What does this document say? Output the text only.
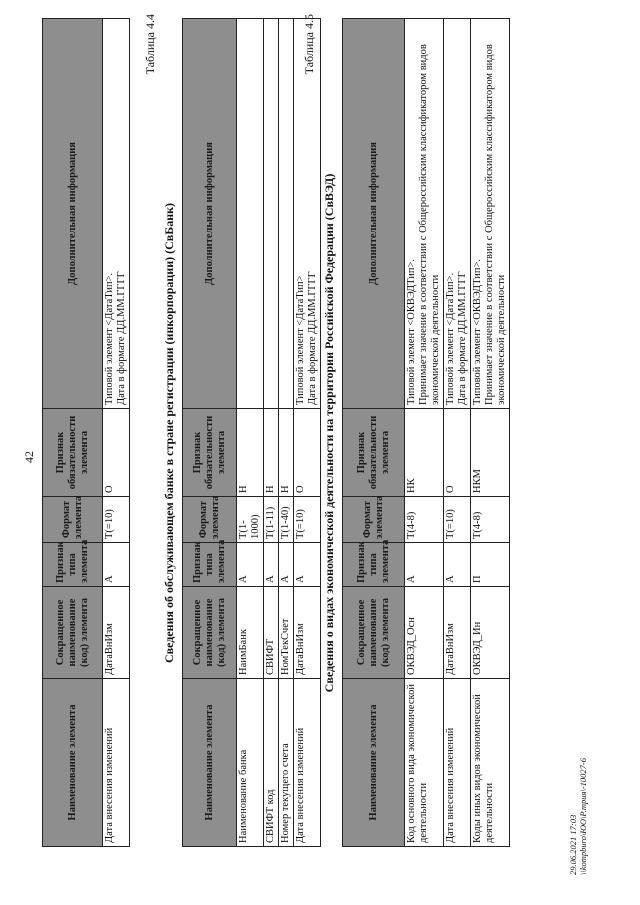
42
Наименование элемента	Сокращенное наименование (код) элемента	Признак типа элемента	Формат элемента	Признак обязательности элемента	Дополнительная информация
Дата внесения изменений	ДатаВнИзм	А	T(=10)	О	Типовой элемент <ДатаТип>.
Дата в формате ДД.ММ.ГГГГ
Таблица 4.4
Сведения об обслуживающем банке в стране регистрации (инкорпорации) (СвБанк)
Наименование элемента	Сокращенное наименование (код) элемента	Признак типа элемента	Формат элемента	Признак обязательности элемента	Дополнительная информация
Наименование банка	НаимБанк	А	T(1-1000)	Н	
СВИФТ код	СВИФТ	А	T(1-11)	Н	
Номер текущего счета	НомТекСчет	А	T(1-40)	Н	
Дата внесения изменений	ДатаВнИзм	А	T(=10)	О	Типовой элемент <ДатаТип>
Дата в формате ДД.ММ.ГГГГ
Таблица 4.5
Сведения о видах экономической деятельности на территории Российской Федерации (СвВЭД)
Наименование элемента	Сокращенное наименование (код) элемента	Признак типа элемента	Формат элемента	Признак обязательности элемента	Дополнительная информация
Код основного вида экономической деятельности	ОКВЭД_Осн	А	T(4-8)	НК	Типовой элемент <ОКВЭДТип>.
Принимает значение в соответствии с Общероссийским классификатором видов экономической деятельности
Дата внесения изменений	ДатаВнИзм	А	T(=10)	О	Типовой элемент <ДатаТип>.
Дата в формате ДД.ММ.ГГГГ
Коды иных видов экономической деятельности	ОКВЭД_Ин	П	T(4-8)	НКМ	Типовой элемент <ОКВЭДТип>.
Принимает значение в соответствии с Общероссийским классификатором видов экономической деятельности
29.06.2021 17:03 \\kompburo\ЮО\Р.трия\-10027-6
